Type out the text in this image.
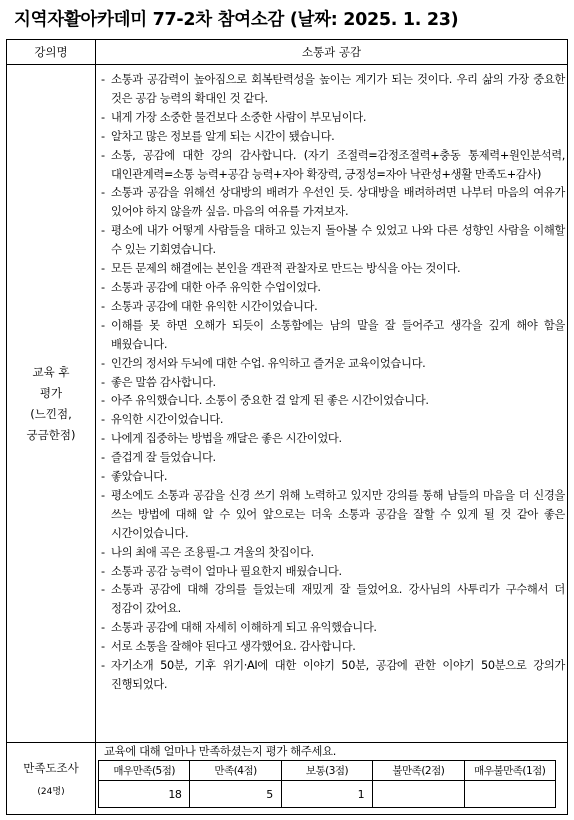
지역자활아카데미 77-2차 참여소감 (날짜: 2025. 1. 23)
강의명	소통과 공감

교육 후
평가
(느낀점,
궁금한점)

- 소통과 공감력이 높아짐으로 회복탄력성을 높이는 계기가 되는 것이다. 우리 삶의 가장 중요한 것은 공감 능력의 확대인 것 같다.
- 내게 가장 소중한 물건보다 소중한 사람이 부모님이다.
- 알차고 많은 정보를 알게 되는 시간이 됐습니다.
- 소통, 공감에 대한 강의 감사합니다. (자기 조절력=감정조절력+충동 통제력+원인분석력, 대인관계력=소통 능력+공감 능력+자아 확장력, 긍정성=자아 낙관성+생활 만족도+감사)
- 소통과 공감을 위해선 상대방의 배려가 우선인 듯. 상대방을 배려하려면 나부터 마음의 여유가 있어야 하지 않을까 싶음. 마음의 여유를 가져보자.
- 평소에 내가 어떻게 사람들을 대하고 있는지 돌아볼 수 있었고 나와 다른 성향인 사람을 이해할 수 있는 기회였습니다.
- 모든 문제의 해결에는 본인을 객관적 관찰자로 만드는 방식을 아는 것이다.
- 소통과 공감에 대한 아주 유익한 수업이었다.
- 소통과 공감에 대한 유익한 시간이었습니다.
- 이해를 못 하면 오해가 되듯이 소통함에는 남의 말을 잘 들어주고 생각을 깊게 해야 함을 배웠습니다.
- 인간의 정서와 두뇌에 대한 수업. 유익하고 즐거운 교육이었습니다.
- 좋은 말씀 감사합니다.
- 아주 유익했습니다. 소통이 중요한 걸 알게 된 좋은 시간이었습니다.
- 유익한 시간이었습니다.
- 나에게 집중하는 방법을 깨달은 좋은 시간이었다.
- 즐겁게 잘 들었습니다.
- 좋았습니다.
- 평소에도 소통과 공감을 신경 쓰기 위해 노력하고 있지만 강의를 통해 남들의 마음을 더 신경을 쓰는 방법에 대해 알 수 있어 앞으로는 더욱 소통과 공감을 잘할 수 있게 될 것 같아 좋은 시간이었습니다.
- 나의 최애 곡은 조용필-그 겨울의 찻집이다.
- 소통과 공감 능력이 얼마나 필요한지 배웠습니다.
- 소통과 공감에 대해 강의를 들었는데 재밌게 잘 들었어요. 강사님의 사투리가 구수해서 더 정감이 갔어요.
- 소통과 공감에 대해 자세히 이해하게 되고 유익했습니다.
- 서로 소통을 잘해야 된다고 생각했어요. 감사합니다.
- 자기소개 50분, 기후 위기·AI에 대한 이야기 50분, 공감에 관한 이야기 50분으로 강의가 진행되었다.

만족도조사
(24명)

교육에 대해 얼마나 만족하셨는지 평가 해주세요.
매우만족(5점)	만족(4점)	보통(3점)	불만족(2점)	매우불만족(1점)
18	5	1		
